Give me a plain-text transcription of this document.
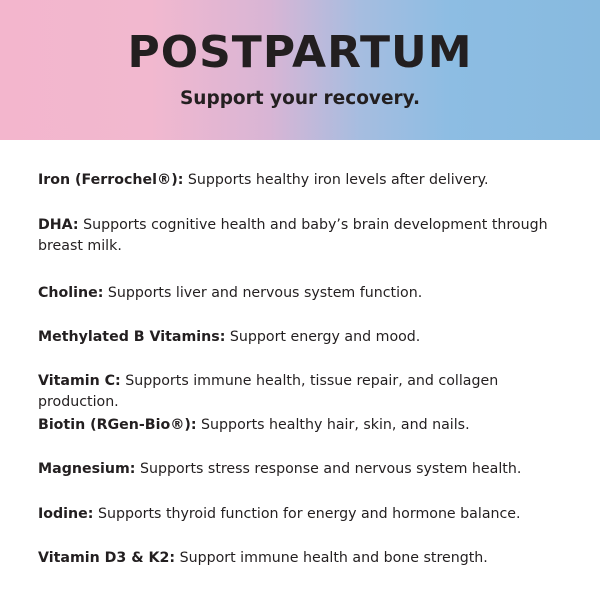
POSTPARTUM

Support your recovery.

Iron (Ferrochel®): Supports healthy iron levels after delivery.
DHA: Supports cognitive health and baby’s brain development through breast milk.
Choline: Supports liver and nervous system function.
Methylated B Vitamins: Support energy and mood.
Vitamin C: Supports immune health, tissue repair, and collagen production.
Biotin (RGen-Bio®): Supports healthy hair, skin, and nails.
Magnesium: Supports stress response and nervous system health.
Iodine: Supports thyroid function for energy and hormone balance.
Vitamin D3 & K2: Support immune health and bone strength.
